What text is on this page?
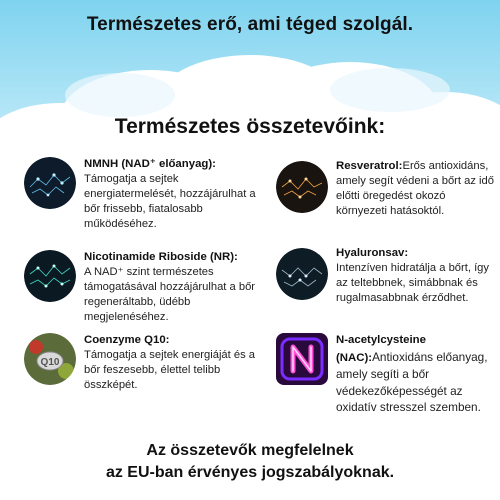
Természetes erő, ami téged szolgál.
Természetes összetevőink:
NMNH (NAD⁺ előanyag):
Támogatja a sejtek energiatermelését, hozzájárulhat a bőr frissebb, fiatalosabb működéséhez.
Nicotinamide Riboside (NR):
A NAD⁺ szint természetes támogatásával hozzájárulhat a bőr regeneráltabb, üdébb megjelenéséhez.
Q10
Coenzyme Q10:
Támogatja a sejtek energiáját és a bőr feszesebb, élettel telibb összképét.
Resveratrol:Erős antioxidáns, amely segít védeni a bőrt az idő előtti öregedést okozó környezeti hatásoktól.
Hyaluronsav:
Intenzíven hidratálja a bőrt, így az teltebbnek, simábbnak és rugalmasabbnak érződhet.
N-acetylcysteine (NAC):Antioxidáns előanyag, amely segíti a bőr védekezőképességét az oxidatív stresszel szemben.
Az összetevők megfelelnek
az EU-ban érvényes jogszabályoknak.
